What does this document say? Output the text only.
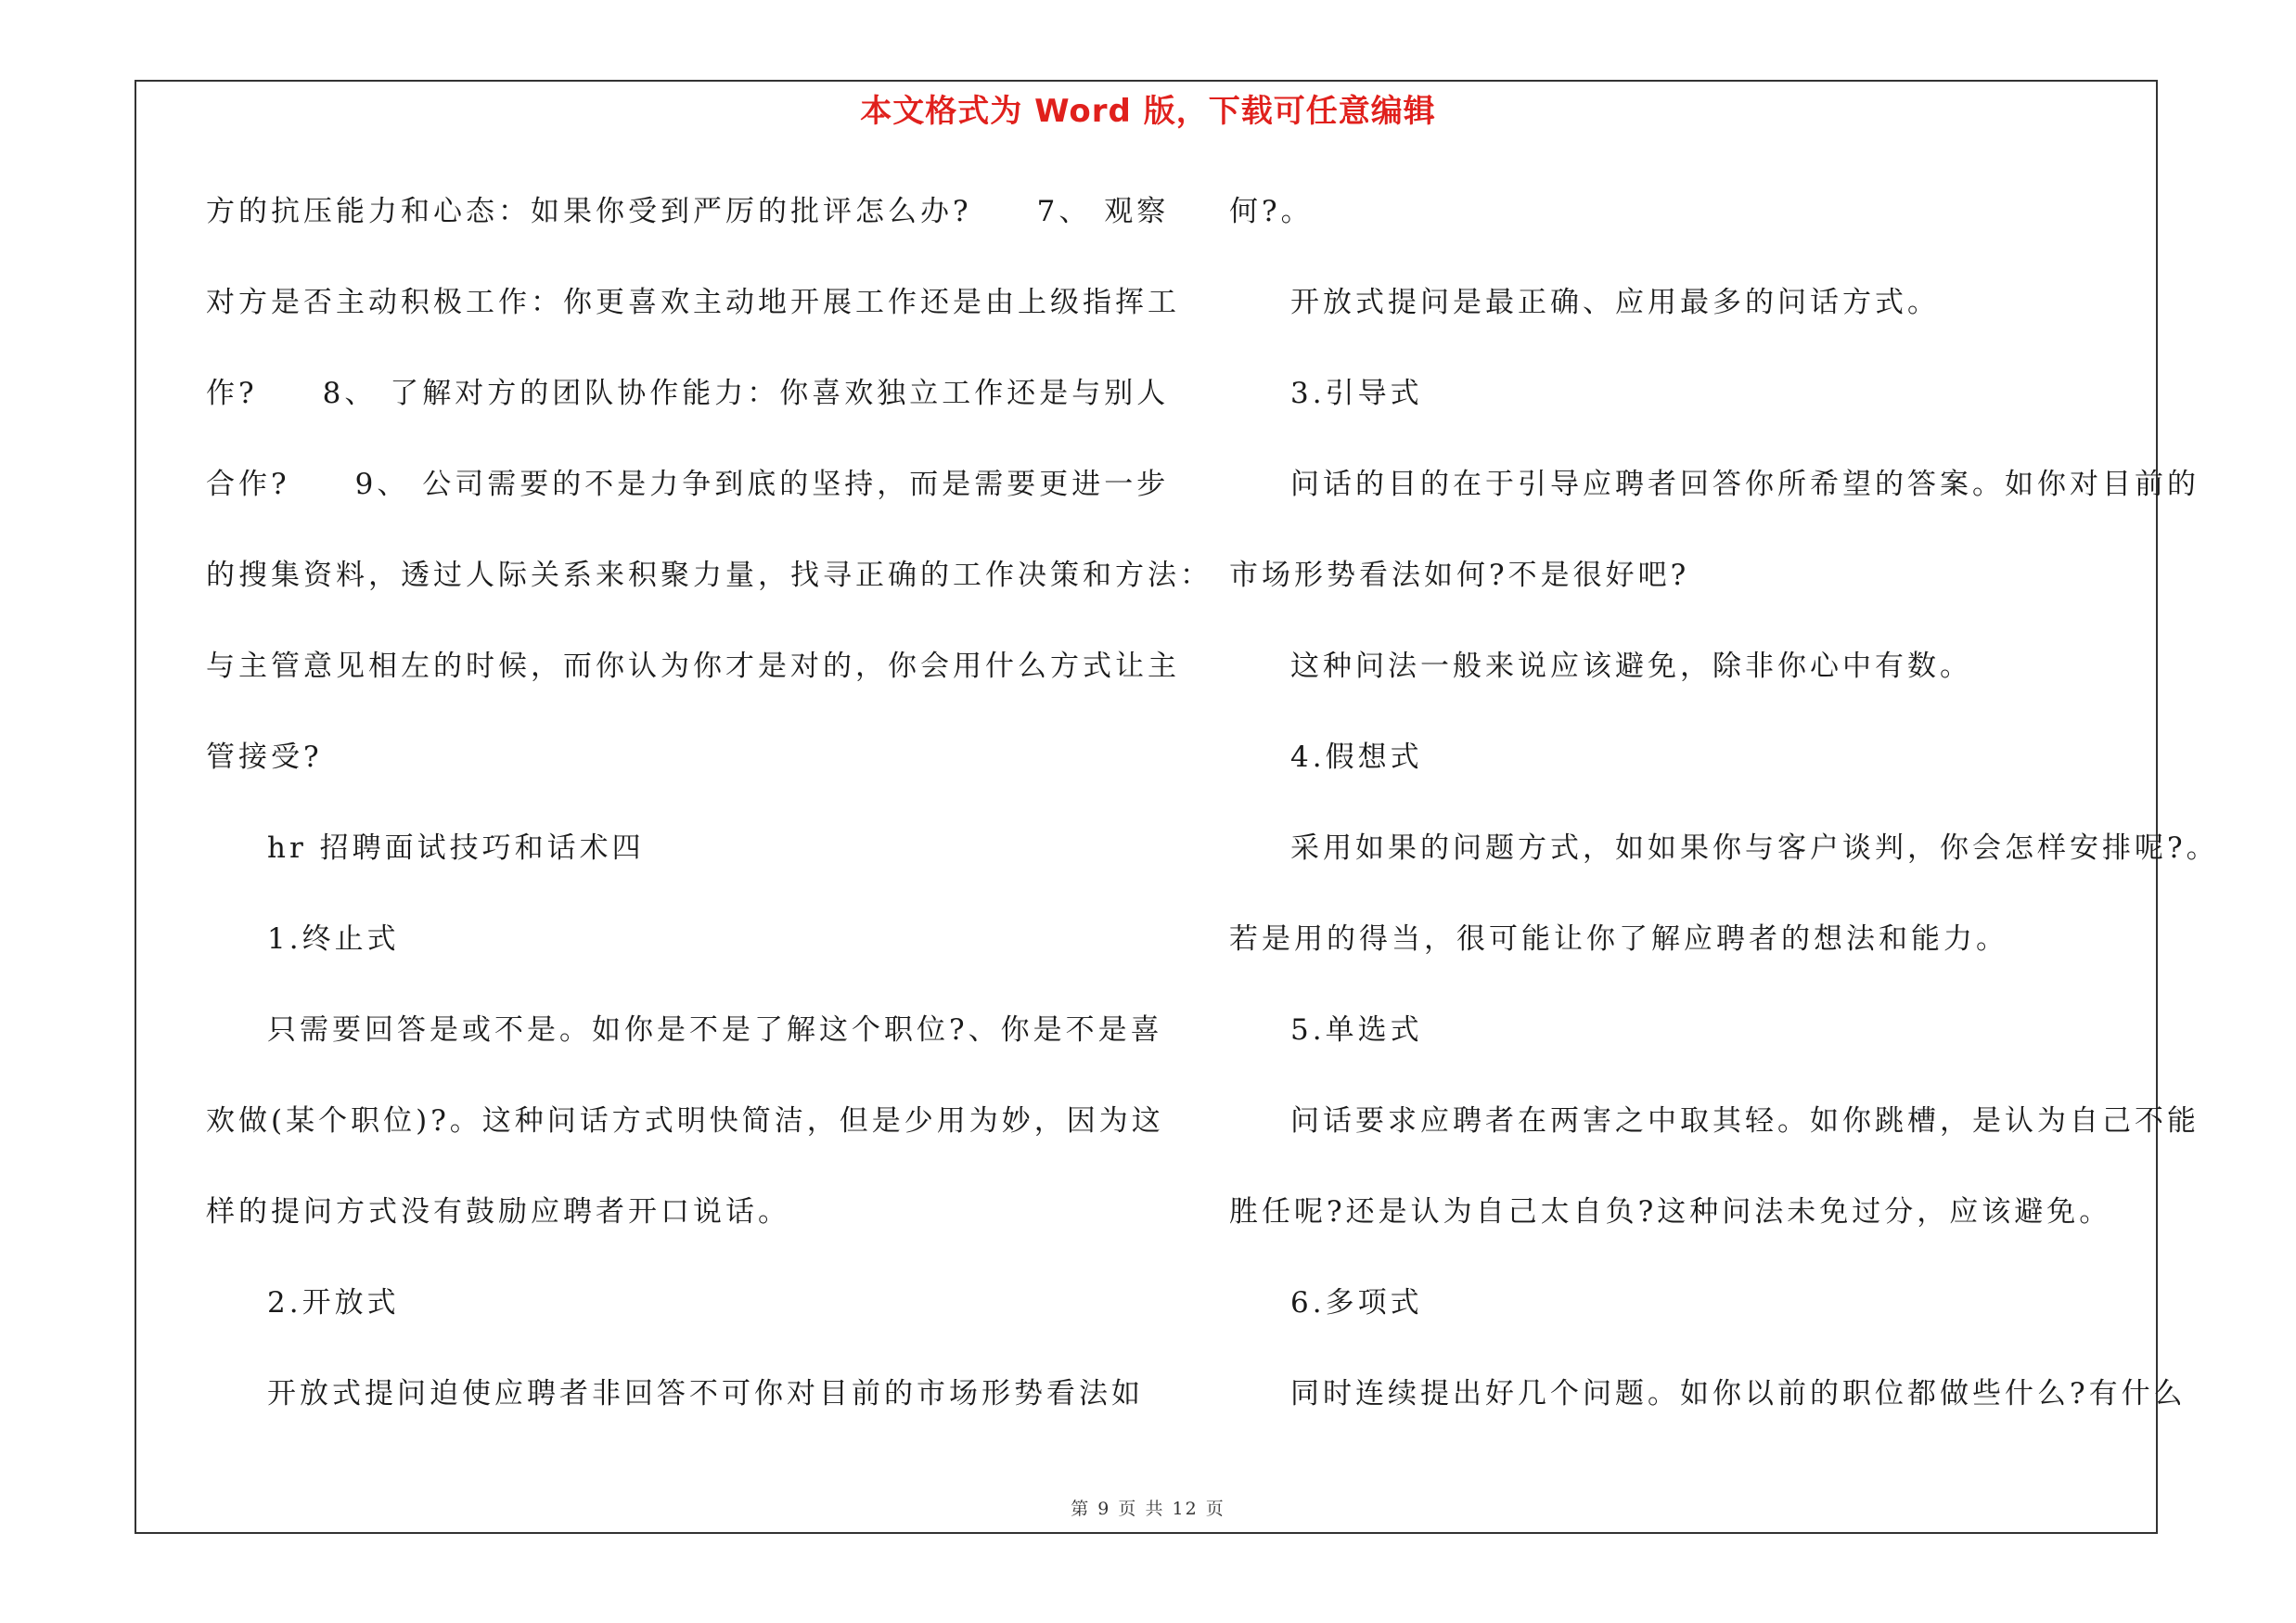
本文格式为 Word 版，下载可任意编辑
方的抗压能力和心态：如果你受到严厉的批评怎么办?　　7、 观察
对方是否主动积极工作：你更喜欢主动地开展工作还是由上级指挥工
作?　　8、 了解对方的团队协作能力：你喜欢独立工作还是与别人
合作?　　9、 公司需要的不是力争到底的坚持，而是需要更进一步
的搜集资料，透过人际关系来积聚力量，找寻正确的工作决策和方法：
与主管意见相左的时候，而你认为你才是对的，你会用什么方式让主
管接受?
hr 招聘面试技巧和话术四
1.终止式
只需要回答是或不是。如你是不是了解这个职位?、你是不是喜
欢做(某个职位)?。这种问话方式明快简洁，但是少用为妙，因为这
样的提问方式没有鼓励应聘者开口说话。
2.开放式
开放式提问迫使应聘者非回答不可你对目前的市场形势看法如
何?。
开放式提问是最正确、应用最多的问话方式。
3.引导式
问话的目的在于引导应聘者回答你所希望的答案。如你对目前的
市场形势看法如何?不是很好吧?
这种问法一般来说应该避免，除非你心中有数。
4.假想式
采用如果的问题方式，如如果你与客户谈判，你会怎样安排呢?。
若是用的得当，很可能让你了解应聘者的想法和能力。
5.单选式
问话要求应聘者在两害之中取其轻。如你跳槽，是认为自己不能
胜任呢?还是认为自己太自负?这种问法未免过分，应该避免。
6.多项式
同时连续提出好几个问题。如你以前的职位都做些什么?有什么
第 9 页 共 12 页
